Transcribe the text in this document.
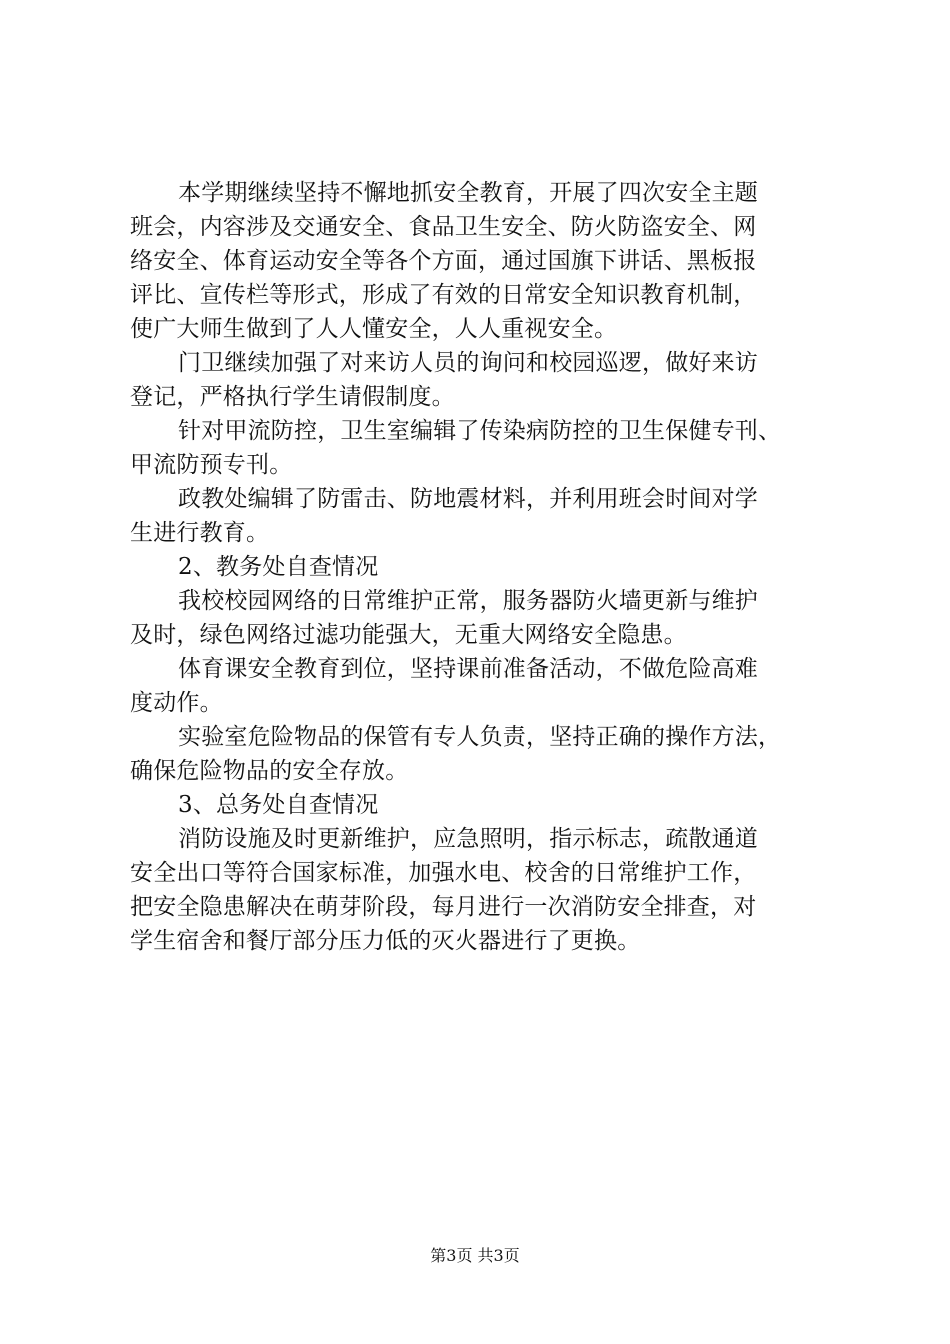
本学期继续坚持不懈地抓安全教育，开展了四次安全主题
班会，内容涉及交通安全、食品卫生安全、防火防盗安全、网
络安全、体育运动安全等各个方面，通过国旗下讲话、黑板报
评比、宣传栏等形式，形成了有效的日常安全知识教育机制，
使广大师生做到了人人懂安全，人人重视安全。
门卫继续加强了对来访人员的询问和校园巡逻，做好来访
登记，严格执行学生请假制度。
针对甲流防控，卫生室编辑了传染病防控的卫生保健专刊、
甲流防预专刊。
政教处编辑了防雷击、防地震材料，并利用班会时间对学
生进行教育。
2、教务处自查情况
我校校园网络的日常维护正常，服务器防火墙更新与维护
及时，绿色网络过滤功能强大，无重大网络安全隐患。
体育课安全教育到位，坚持课前准备活动，不做危险高难
度动作。
实验室危险物品的保管有专人负责，坚持正确的操作方法，
确保危险物品的安全存放。
3、总务处自查情况
消防设施及时更新维护，应急照明，指示标志，疏散通道
安全出口等符合国家标准，加强水电、校舍的日常维护工作，
把安全隐患解决在萌芽阶段，每月进行一次消防安全排查，对
学生宿舍和餐厅部分压力低的灭火器进行了更换。
第3页 共3页
